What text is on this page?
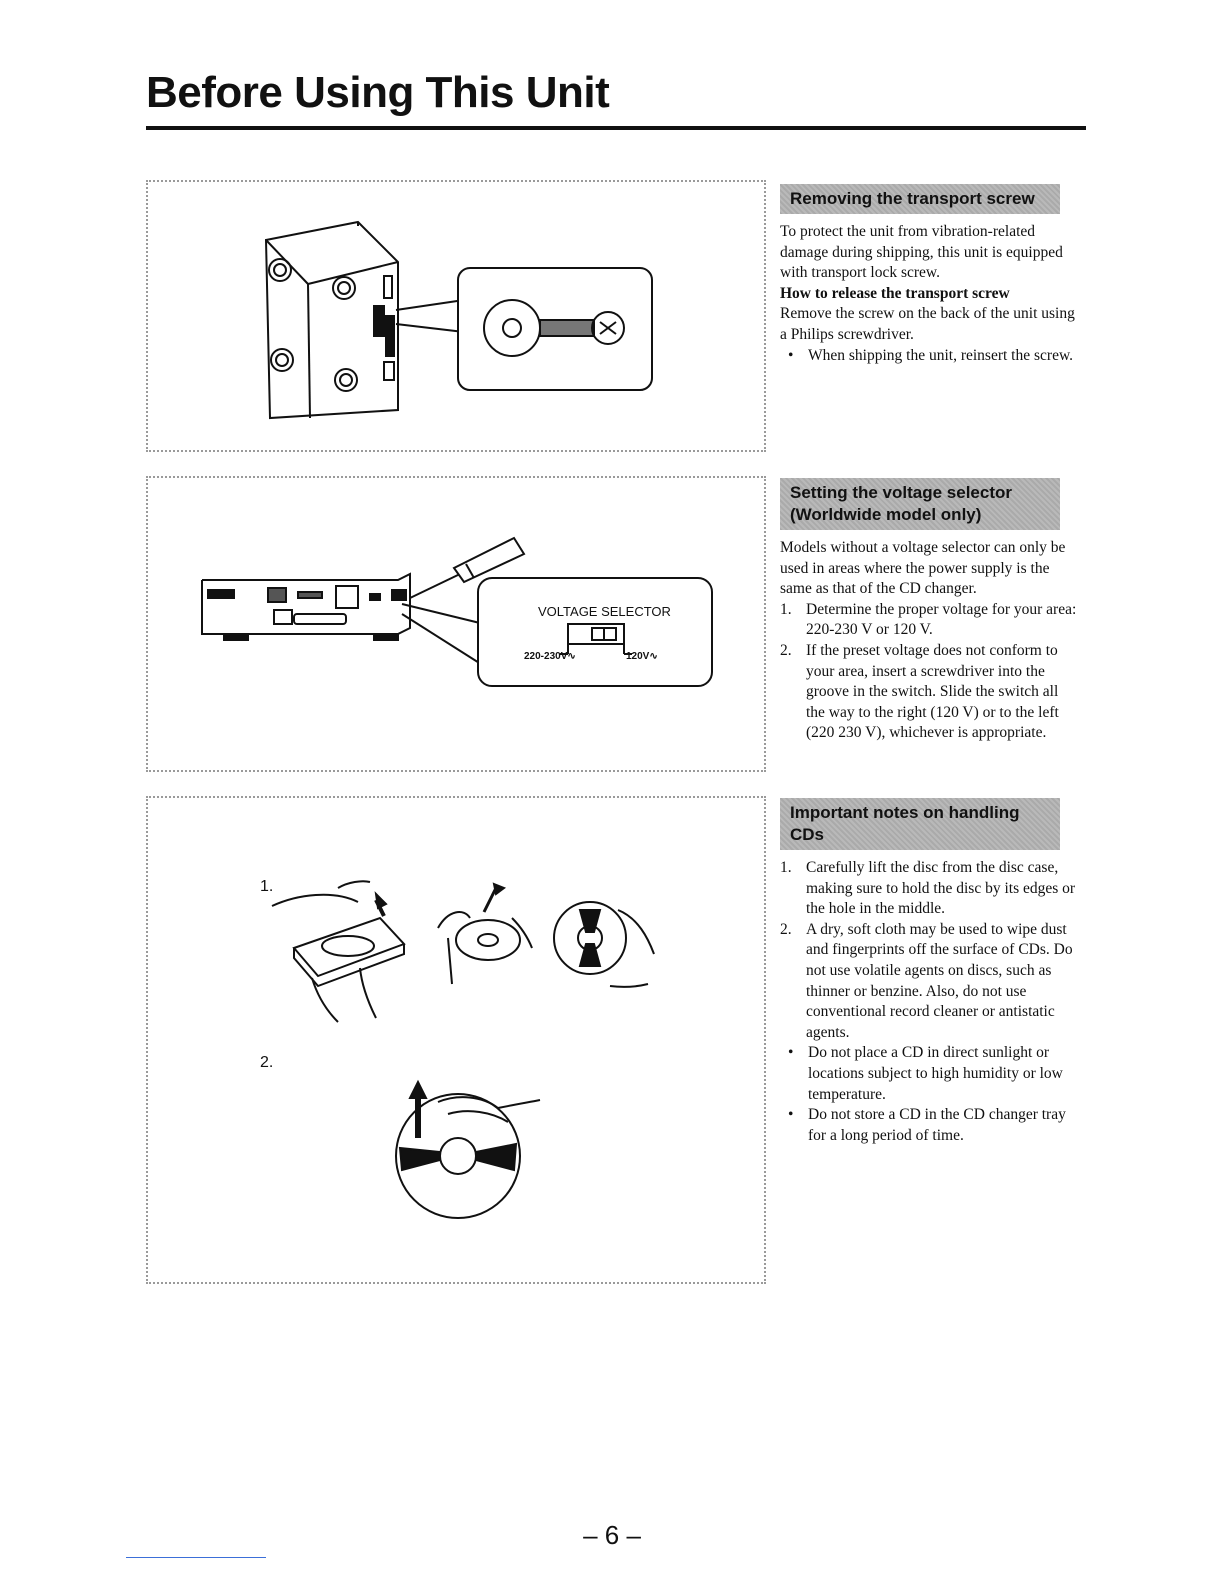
Before Using This Unit
Removing the transport screw

To protect the unit from vibration-related damage during shipping, this unit is equipped with transport lock screw.

How to release the transport screw

Remove the screw on the back of the unit using a Philips screwdriver.

• When shipping the unit, reinsert the screw.
VOLTAGE SELECTOR
220-230V∿	120V∿
Setting the voltage selector
(Worldwide model only)

Models without a voltage selector can only be used in areas where the power supply is the same as that of the CD changer.

1. Determine the proper voltage for your area: 220-230 V or 120 V.
2. If the preset voltage does not conform to your area, insert a screwdriver into the groove in the switch. Slide the switch all the way to the right (120 V) or to the left (220 230 V), whichever is appropriate.
1.
2.
Important notes on handling CDs
1. Carefully lift the disc from the disc case, making sure to hold the disc by its edges or the hole in the middle.
2. A dry, soft cloth may be used to wipe dust and fingerprints off the surface of CDs. Do not use volatile agents on discs, such as thinner or benzine. Also, do not use conventional record cleaner or antistatic agents.
• Do not place a CD in direct sunlight or locations subject to high humidity or low temperature.
• Do not store a CD in the CD changer tray for a long period of time.
– 6 –
